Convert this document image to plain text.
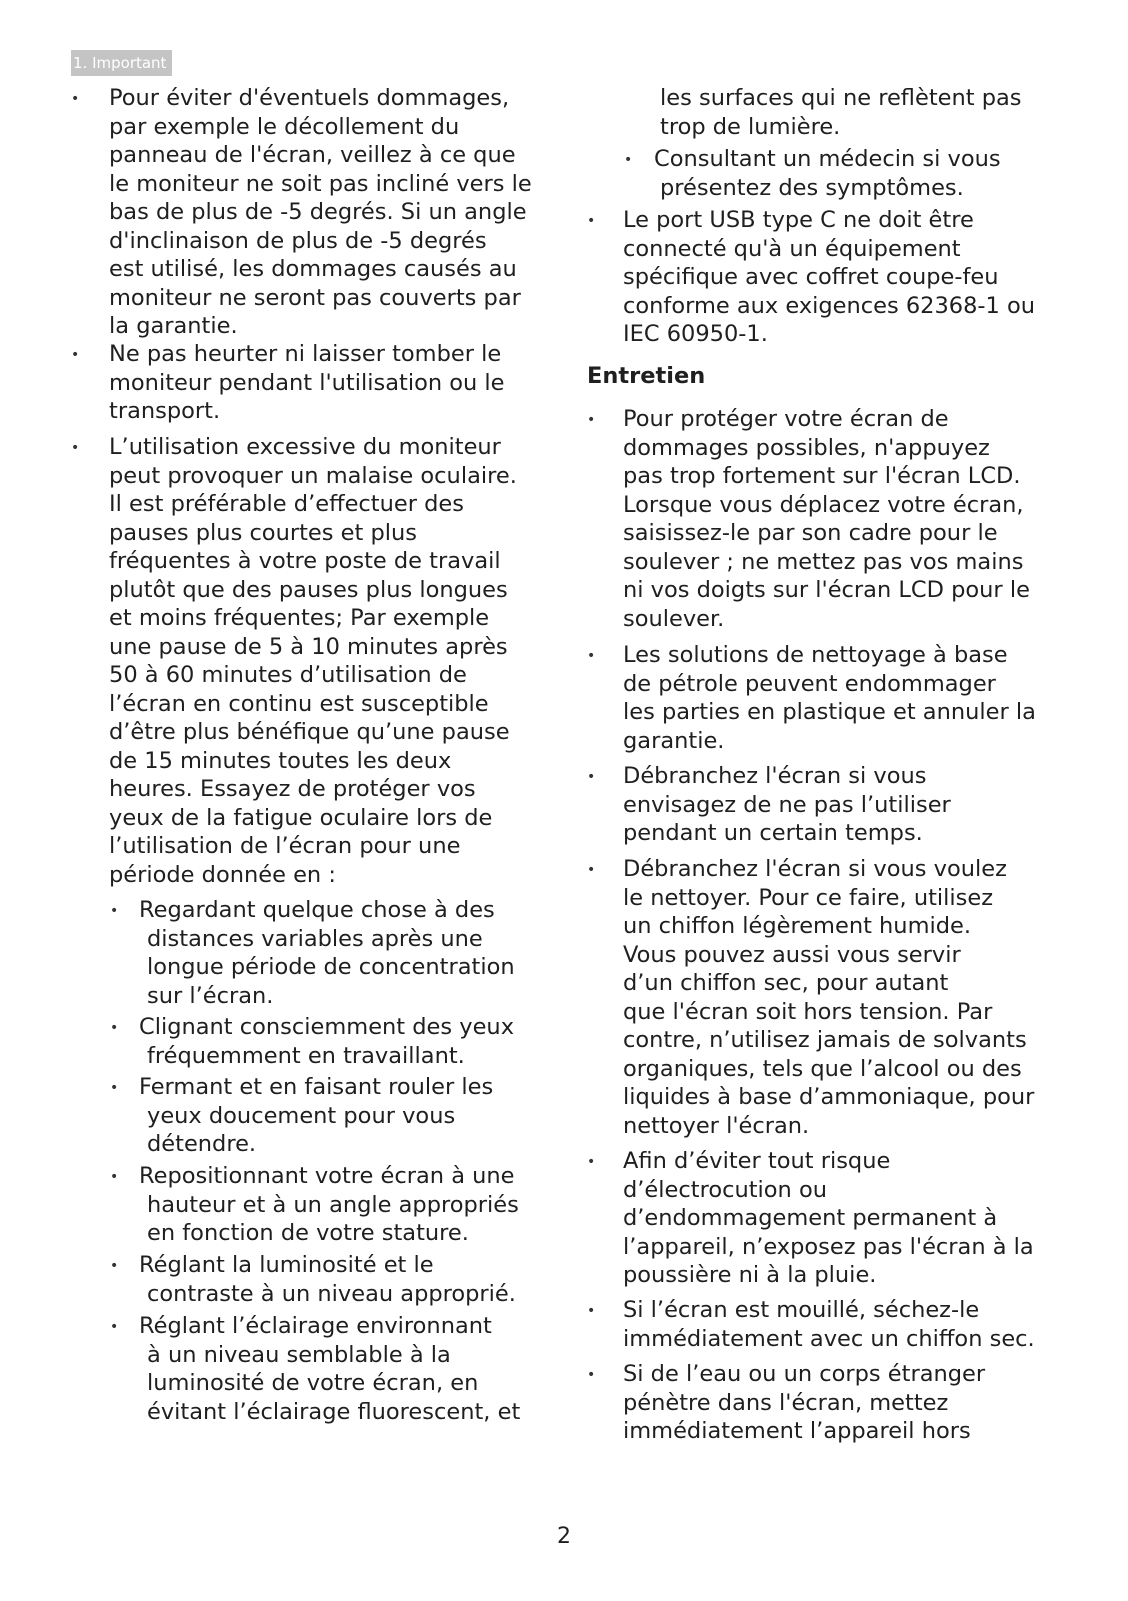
1. Important
• Pour éviter d'éventuels dommages,
par exemple le décollement du
panneau de l'écran, veillez à ce que
le moniteur ne soit pas incliné vers le
bas de plus de -5 degrés. Si un angle
d'inclinaison de plus de -5 degrés
est utilisé, les dommages causés au
moniteur ne seront pas couverts par
la garantie.
• Ne pas heurter ni laisser tomber le
moniteur pendant l'utilisation ou le
transport.
• L’utilisation excessive du moniteur
peut provoquer un malaise oculaire.
Il est préférable d’effectuer des
pauses plus courtes et plus
fréquentes à votre poste de travail
plutôt que des pauses plus longues
et moins fréquentes; Par exemple
une pause de 5 à 10 minutes après
50 à 60 minutes d’utilisation de
l’écran en continu est susceptible
d’être plus bénéfique qu’une pause
de 15 minutes toutes les deux
heures. Essayez de protéger vos
yeux de la fatigue oculaire lors de
l’utilisation de l’écran pour une
période donnée en :
• Regardant quelque chose à des
distances variables après une
longue période de concentration
sur l’écran.
• Clignant consciemment des yeux
fréquemment en travaillant.
• Fermant et en faisant rouler les
yeux doucement pour vous
détendre.
• Repositionnant votre écran à une
hauteur et à un angle appropriés
en fonction de votre stature.
• Réglant la luminosité et le
contraste à un niveau approprié.
• Réglant l’éclairage environnant
à un niveau semblable à la
luminosité de votre écran, en
évitant l’éclairage fluorescent, et
les surfaces qui ne reflètent pas
trop de lumière.
• Consultant un médecin si vous
présentez des symptômes.
• Le port USB type C ne doit être
connecté qu'à un équipement
spécifique avec coffret coupe-feu
conforme aux exigences 62368-1 ou
IEC 60950-1.
Entretien
• Pour protéger votre écran de
dommages possibles, n'appuyez
pas trop fortement sur l'écran LCD.
Lorsque vous déplacez votre écran,
saisissez-le par son cadre pour le
soulever ; ne mettez pas vos mains
ni vos doigts sur l'écran LCD pour le
soulever.
• Les solutions de nettoyage à base
de pétrole peuvent endommager
les parties en plastique et annuler la
garantie.
• Débranchez l'écran si vous
envisagez de ne pas l’utiliser
pendant un certain temps.
• Débranchez l'écran si vous voulez
le nettoyer. Pour ce faire, utilisez
un chiffon légèrement humide.
Vous pouvez aussi vous servir
d’un chiffon sec, pour autant
que l'écran soit hors tension. Par
contre, n’utilisez jamais de solvants
organiques, tels que l’alcool ou des
liquides à base d’ammoniaque, pour
nettoyer l'écran.
• Afin d’éviter tout risque
d’électrocution ou
d’endommagement permanent à
l’appareil, n’exposez pas l'écran à la
poussière ni à la pluie.
• Si l’écran est mouillé, séchez-le
immédiatement avec un chiffon sec.
• Si de l’eau ou un corps étranger
pénètre dans l'écran, mettez
immédiatement l’appareil hors
2
